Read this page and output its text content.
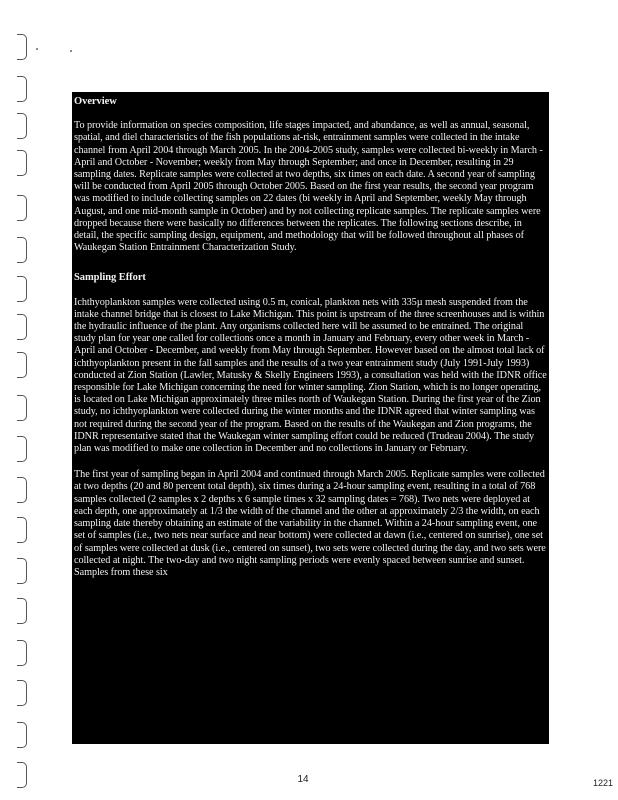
Overview
To provide information on species composition, life stages impacted, and abundance, as well as annual, seasonal, spatial, and diel characteristics of the fish populations at-risk, entrainment samples were collected in the intake channel from April 2004 through March 2005. In the 2004-2005 study, samples were collected bi-weekly in March - April and October - November; weekly from May through September; and once in December, resulting in 29 sampling dates. Replicate samples were collected at two depths, six times on each date. A second year of sampling will be conducted from April 2005 through October 2005. Based on the first year results, the second year program was modified to include collecting samples on 22 dates (bi weekly in April and September, weekly May through August, and one mid-month sample in October) and by not collecting replicate samples. The replicate samples were dropped because there were basically no differences between the replicates. The following sections describe, in detail, the specific sampling design, equipment, and methodology that will be followed throughout all phases of Waukegan Station Entrainment Characterization Study.
Sampling Effort
Ichthyoplankton samples were collected using 0.5 m, conical, plankton nets with 335µ mesh suspended from the intake channel bridge that is closest to Lake Michigan. This point is upstream of the three screenhouses and is within the hydraulic influence of the plant. Any organisms collected here will be assumed to be entrained. The original study plan for year one called for collections once a month in January and February, every other week in March - April and October - December, and weekly from May through September. However based on the almost total lack of ichthyoplankton present in the fall samples and the results of a two year entrainment study (July 1991-July 1993) conducted at Zion Station (Lawler, Matusky & Skelly Engineers 1993), a consultation was held with the IDNR office responsible for Lake Michigan concerning the need for winter sampling. Zion Station, which is no longer operating, is located on Lake Michigan approximately three miles north of Waukegan Station. During the first year of the Zion study, no ichthyoplankton were collected during the winter months and the IDNR agreed that winter sampling was not required during the second year of the program. Based on the results of the Waukegan and Zion programs, the IDNR representative stated that the Waukegan winter sampling effort could be reduced (Trudeau 2004). The study plan was modified to make one collection in December and no collections in January or February.
The first year of sampling began in April 2004 and continued through March 2005. Replicate samples were collected at two depths (20 and 80 percent total depth), six times during a 24-hour sampling event, resulting in a total of 768 samples collected (2 samples x 2 depths x 6 sample times x 32 sampling dates = 768). Two nets were deployed at each depth, one approximately at 1/3 the width of the channel and the other at approximately 2/3 the width, on each sampling date thereby obtaining an estimate of the variability in the channel. Within a 24-hour sampling event, one set of samples (i.e., two nets near surface and near bottom) were collected at dawn (i.e., centered on sunrise), one set of samples were collected at dusk (i.e., centered on sunset), two sets were collected during the day, and two sets were collected at night. The two-day and two night sampling periods were evenly spaced between sunrise and sunset. Samples from these six
14	1221
